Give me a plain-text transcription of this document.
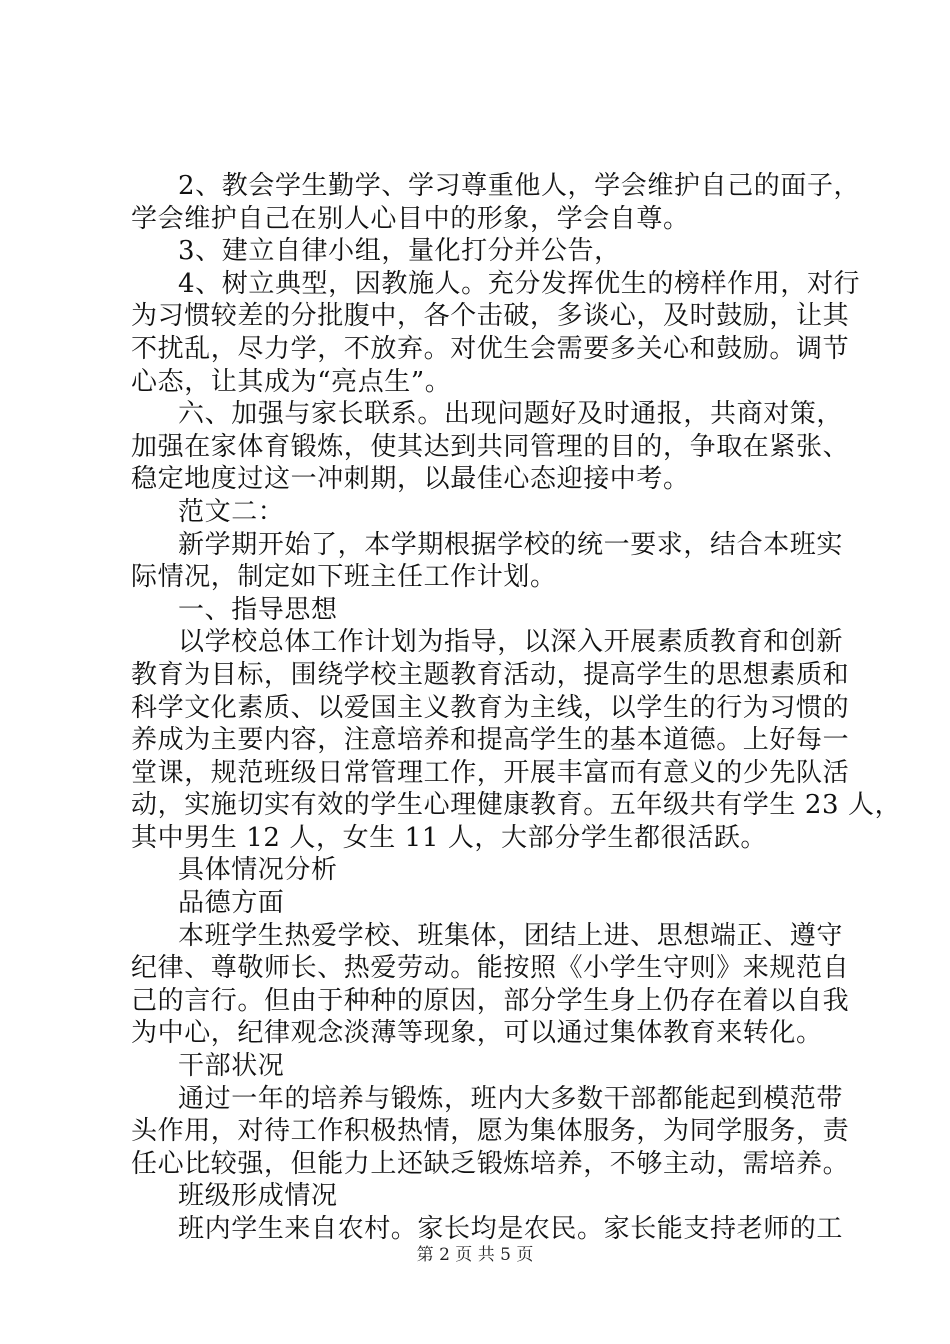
2、教会学生勤学、学习尊重他人，学会维护自己的面子，
学会维护自己在别人心目中的形象，学会自尊。
3、建立自律小组，量化打分并公告，
4、树立典型，因教施人。充分发挥优生的榜样作用，对行
为习惯较差的分批腹中，各个击破，多谈心，及时鼓励，让其
不扰乱，尽力学，不放弃。对优生会需要多关心和鼓励。调节
心态，让其成为“亮点生”。
六、加强与家长联系。出现问题好及时通报，共商对策，
加强在家体育锻炼，使其达到共同管理的目的，争取在紧张、
稳定地度过这一冲刺期，以最佳心态迎接中考。
范文二：
新学期开始了，本学期根据学校的统一要求，结合本班实
际情况，制定如下班主任工作计划。
一、指导思想
以学校总体工作计划为指导，以深入开展素质教育和创新
教育为目标，围绕学校主题教育活动，提高学生的思想素质和
科学文化素质、以爱国主义教育为主线，以学生的行为习惯的
养成为主要内容，注意培养和提高学生的基本道德。上好每一
堂课，规范班级日常管理工作，开展丰富而有意义的少先队活
动，实施切实有效的学生心理健康教育。五年级共有学生 23 人，
其中男生 12 人，女生 11 人，大部分学生都很活跃。
具体情况分析
品德方面
本班学生热爱学校、班集体，团结上进、思想端正、遵守
纪律、尊敬师长、热爱劳动。能按照《小学生守则》来规范自
己的言行。但由于种种的原因，部分学生身上仍存在着以自我
为中心，纪律观念淡薄等现象，可以通过集体教育来转化。
干部状况
通过一年的培养与锻炼，班内大多数干部都能起到模范带
头作用，对待工作积极热情，愿为集体服务，为同学服务，责
任心比较强，但能力上还缺乏锻炼培养，不够主动，需培养。
班级形成情况
班内学生来自农村。家长均是农民。家长能支持老师的工
第 2 页 共 5 页
